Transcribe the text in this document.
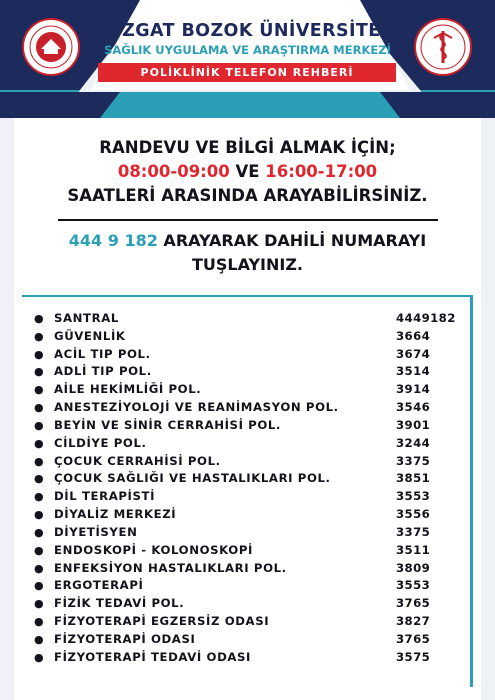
YOZGAT BOZOK ÜNİVERSİTESİ
SAĞLIK UYGULAMA VE ARAŞTIRMA MERKEZİ
POLİKLİNİK TELEFON REHBERİ
RANDEVU VE BİLGİ ALMAK İÇİN;
08:00-09:00 VE 16:00-17:00
SAATLERİ ARASINDA ARAYABİLİRSİNİZ.
444 9 182 ARAYARAK DAHİLİ NUMARAYI
TUŞLAYINIZ.
● SANTRAL	4449182
● GÜVENLİK	3664
● ACİL TIP POL.	3674
● ADLİ TIP POL.	3514
● AİLE HEKİMLİĞİ POL.	3914
● ANESTEZİYOLOJİ VE REANİMASYON POL.	3546
● BEYİN VE SİNİR CERRAHİSİ POL.	3901
● CİLDİYE POL.	3244
● ÇOCUK CERRAHİSİ POL.	3375
● ÇOCUK SAĞLIĞI VE HASTALIKLARI POL.	3851
● DİL TERAPİSTİ	3553
● DİYALİZ MERKEZİ	3556
● DİYETİSYEN	3375
● ENDOSKOPİ - KOLONOSKOPİ	3511
● ENFEKSİYON HASTALIKLARI POL.	3809
● ERGOTERAPİ	3553
● FİZİK TEDAVİ POL.	3765
● FİZYOTERAPİ EGZERSİZ ODASI	3827
● FİZYOTERAPİ ODASI	3765
● FİZYOTERAPİ TEDAVİ ODASI	3575
